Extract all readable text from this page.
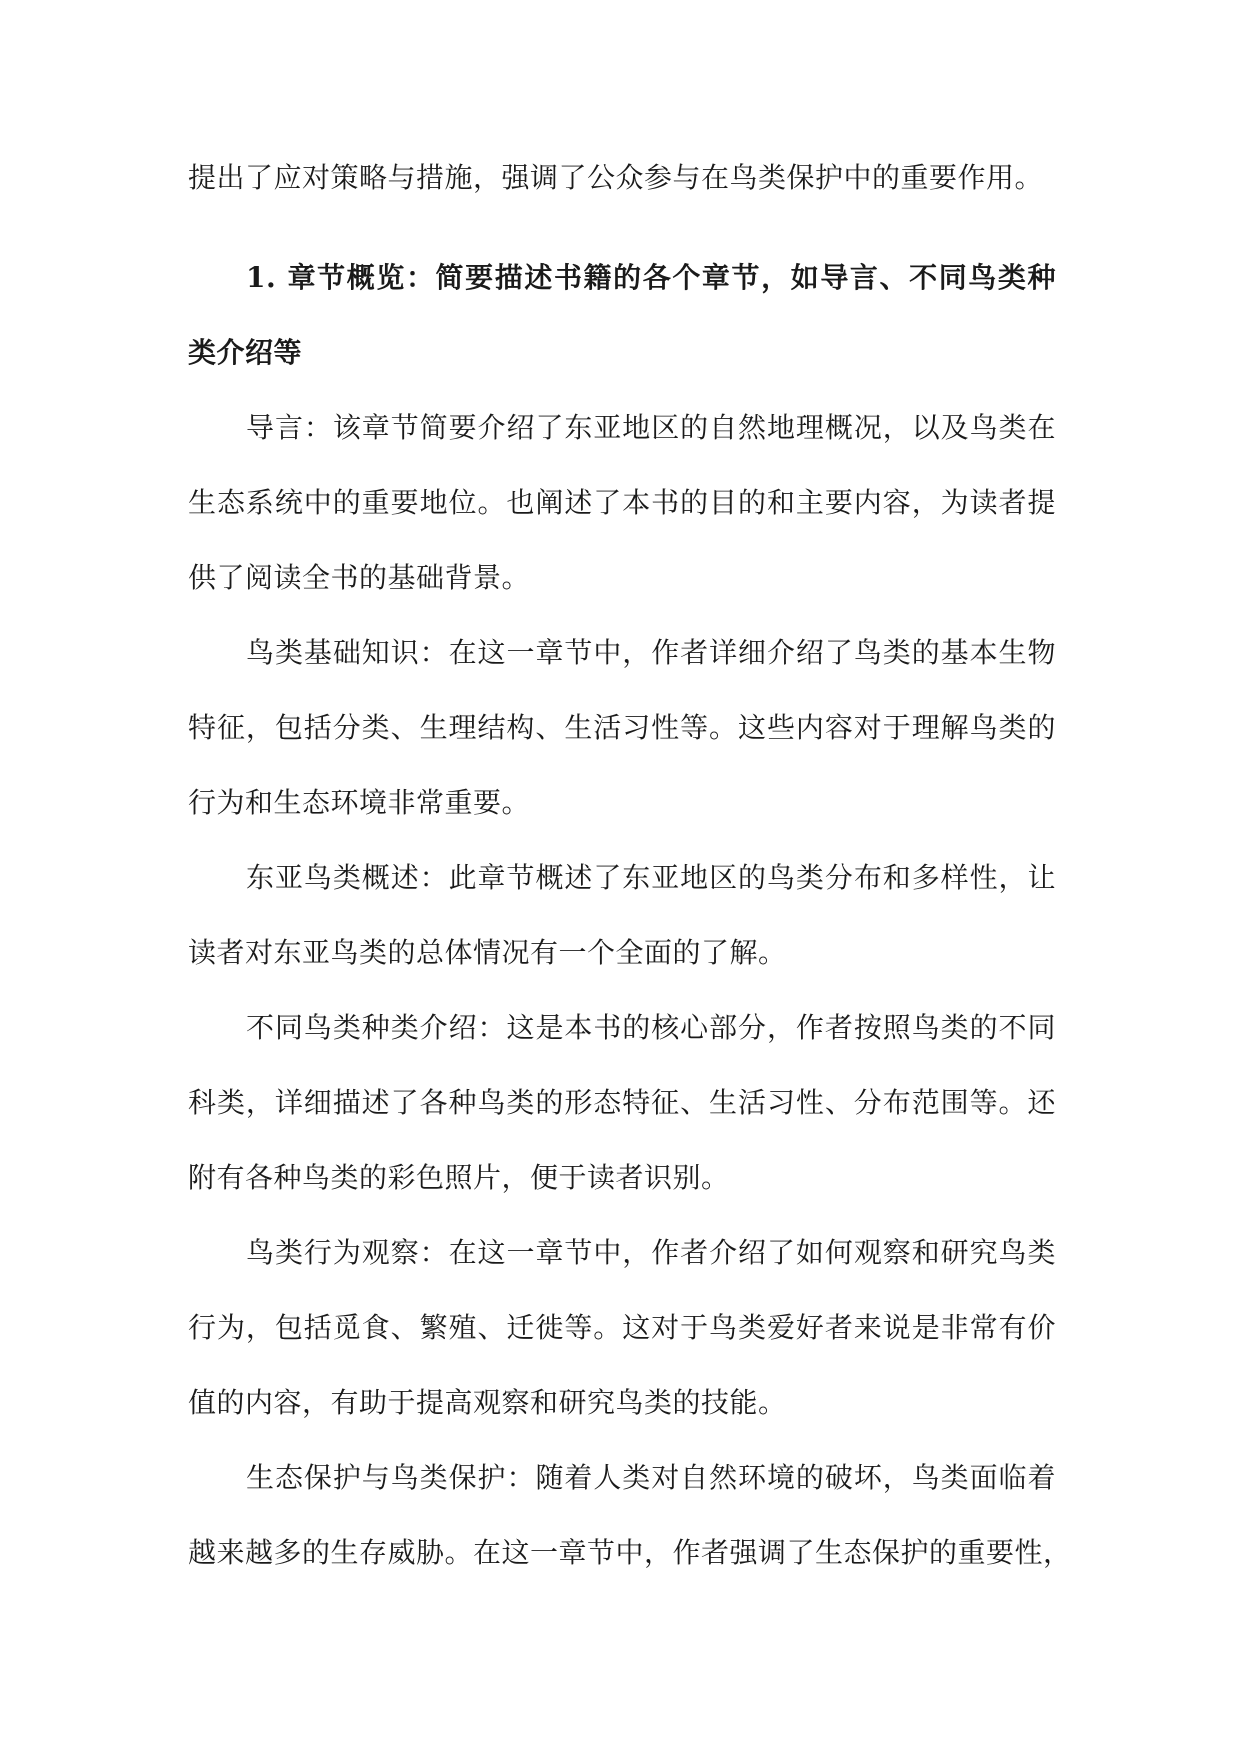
提出了应对策略与措施，强调了公众参与在鸟类保护中的重要作用。
1. 章节概览：简要描述书籍的各个章节，如导言、不同鸟类种
类介绍等
导言：该章节简要介绍了东亚地区的自然地理概况，以及鸟类在
生态系统中的重要地位。也阐述了本书的目的和主要内容，为读者提
供了阅读全书的基础背景。
鸟类基础知识：在这一章节中，作者详细介绍了鸟类的基本生物
特征，包括分类、生理结构、生活习性等。这些内容对于理解鸟类的
行为和生态环境非常重要。
东亚鸟类概述：此章节概述了东亚地区的鸟类分布和多样性，让
读者对东亚鸟类的总体情况有一个全面的了解。
不同鸟类种类介绍：这是本书的核心部分，作者按照鸟类的不同
科类，详细描述了各种鸟类的形态特征、生活习性、分布范围等。还
附有各种鸟类的彩色照片，便于读者识别。
鸟类行为观察：在这一章节中，作者介绍了如何观察和研究鸟类
行为，包括觅食、繁殖、迁徙等。这对于鸟类爱好者来说是非常有价
值的内容，有助于提高观察和研究鸟类的技能。
生态保护与鸟类保护：随着人类对自然环境的破坏，鸟类面临着
越来越多的生存威胁。在这一章节中，作者强调了生态保护的重要性，
